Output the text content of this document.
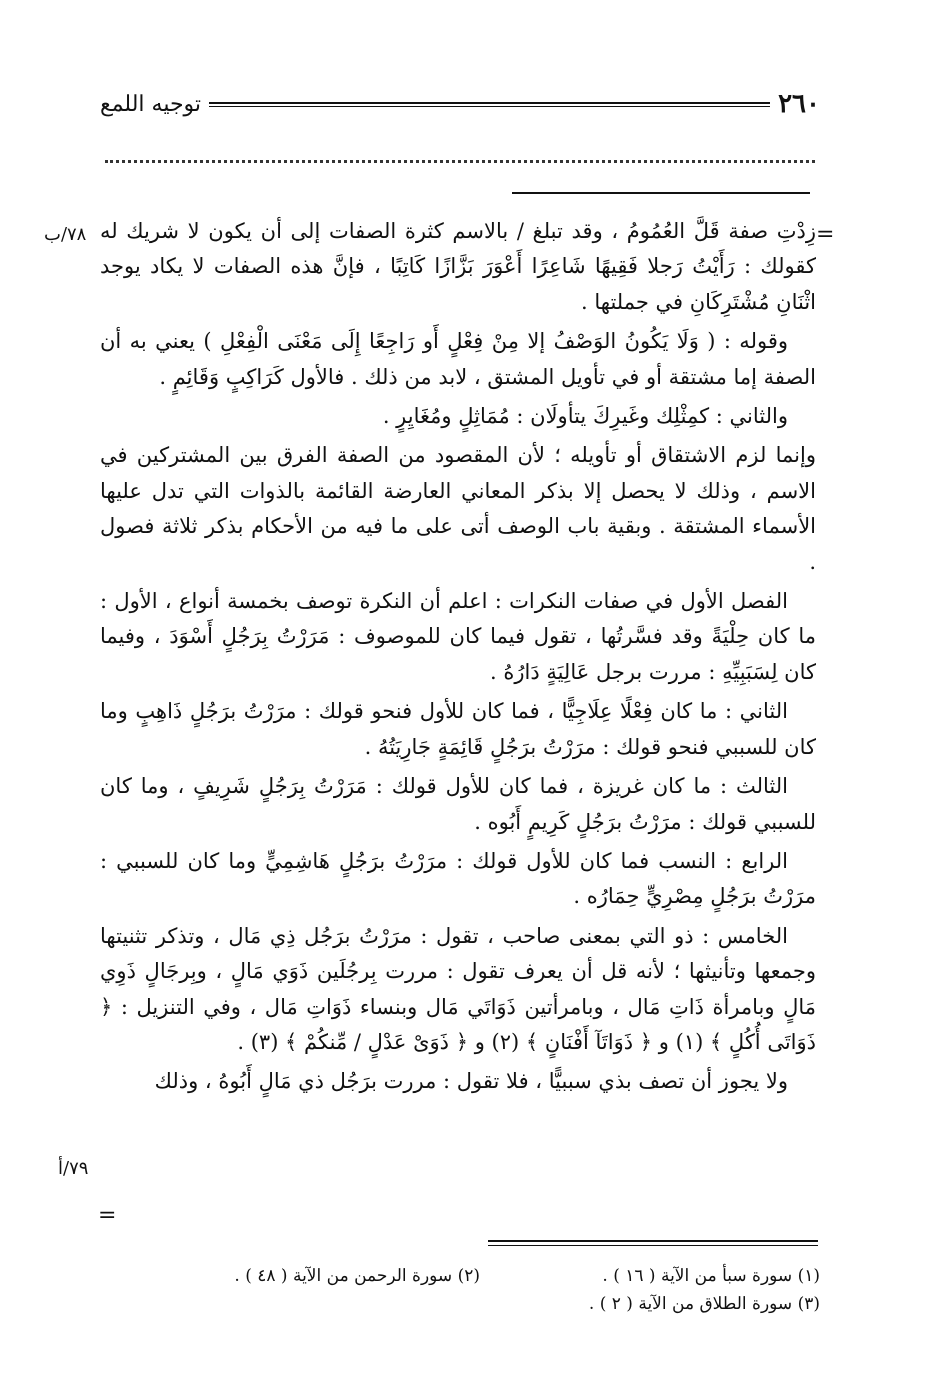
٢٦٠
توجيه اللمع
=
٧٨/ب زِدْتِ صفة قَلَّ العُمُومُ ، وقد تبلغ / بالاسم كثرة الصفات إلى أن يكون لا شريك له كقولك : رَأَيْتُ رَجلا فَقِيهًا شَاعِرًا أَعْوَرَ بَزَّازًا كَاتِبًا ، فإنَّ هذه الصفات لا يكاد يوجد اثْنَانِ مُشْتَرِكَانِ في جملتها .

وقوله : ( وَلَا يَكُونُ الوَصْفُ إلا مِنْ فِعْلٍ أَو رَاجِعًا إِلَى مَعْنَى الْفِعْلِ ) يعني به أن الصفة إما مشتقة أو في تأويل المشتق ، لابد من ذلك . فالأول كَرَاكِبٍ وَقَائِمٍ .

والثاني : كمِثْلِك وغَيرِكَ يتأولَان : مُمَاثِلٍ ومُغَايِرٍ .

وإنما لزم الاشتقاق أو تأويله ؛ لأن المقصود من الصفة الفرق بين المشتركين في الاسم ، وذلك لا يحصل إلا بذكر المعاني العارضة القائمة بالذوات التي تدل عليها الأسماء المشتقة . وبقية باب الوصف أتى على ما فيه من الأحكام بذكر ثلاثة فصول .

الفصل الأول في صفات النكرات : اعلم أن النكرة توصف بخمسة أنواع ، الأول : ما كان حِلْيَةً وقد فسَّرتُها ، تقول فيما كان للموصوف : مَرَرْتُ بِرَجُلٍ أَسْوَدَ ، وفيما كان لِسَبَبِيِّهِ : مررت برجل عَالِيَةٍ دَارُهُ .

الثاني : ما كان فِعْلًا عِلَاجِيًّا ، فما كان للأول فنحو قولك : مرَرْتُ برَجُلٍ ذَاهِبٍ وما كان للسببي فنحو قولك : مرَرْتُ برَجُلٍ قَائِمَةٍ جَارِيَتُهُ .

الثالث : ما كان غريزة ، فما كان للأول قولك : مَرَرْتُ بِرَجُلٍ شَرِيفٍ ، وما كان للسببي قولك : مرَرْتُ برَجُلٍ كَرِيمٍ أَبُوه .

الرابع : النسب فما كان للأول قولك : مرَرْتُ برَجُلٍ هَاشِمِيٍّ وما كان للسببي : مرَرْتُ برَجُلٍ مِصْرِيٍّ حِمَارُه .

الخامس : ذو التي بمعنى صاحب ، تقول : مرَرْتُ برَجُل ذِي مَال ، وتذكر تثنيتها وجمعها وتأنيثها ؛ لأنه قل أن يعرف تقول : مررت بِرجُلَين ذَوَي مَالٍ ، وبِرجَالٍ ذَوِي مَالٍ وبامرأة ذَاتِ مَال ، وبامرأتين ذَوَاتَي مَال وبنساء ذَوَاتِ مَال ، وفي التنزيل : ﴿ ذَوَاتَى أُكُلٍ ﴾ (١) و ﴿ ذَوَاتَآ أَفْنَانٍ ﴾ (٢) و ﴿ ذَوَىْ عَدْلٍ / مِّنكُمْ ﴾ (٣) .

ولا يجوز أن تصف بذي سببيًّا ، فلا تقول : مررت برَجُل ذي مَالٍ أَبُوهُ ، وذلك

٧٩/أ
=
(١) سورة سبأ من الآية ( ١٦ ) .
(٢) سورة الرحمن من الآية ( ٤٨ ) .
(٣) سورة الطلاق من الآية ( ٢ ) .
